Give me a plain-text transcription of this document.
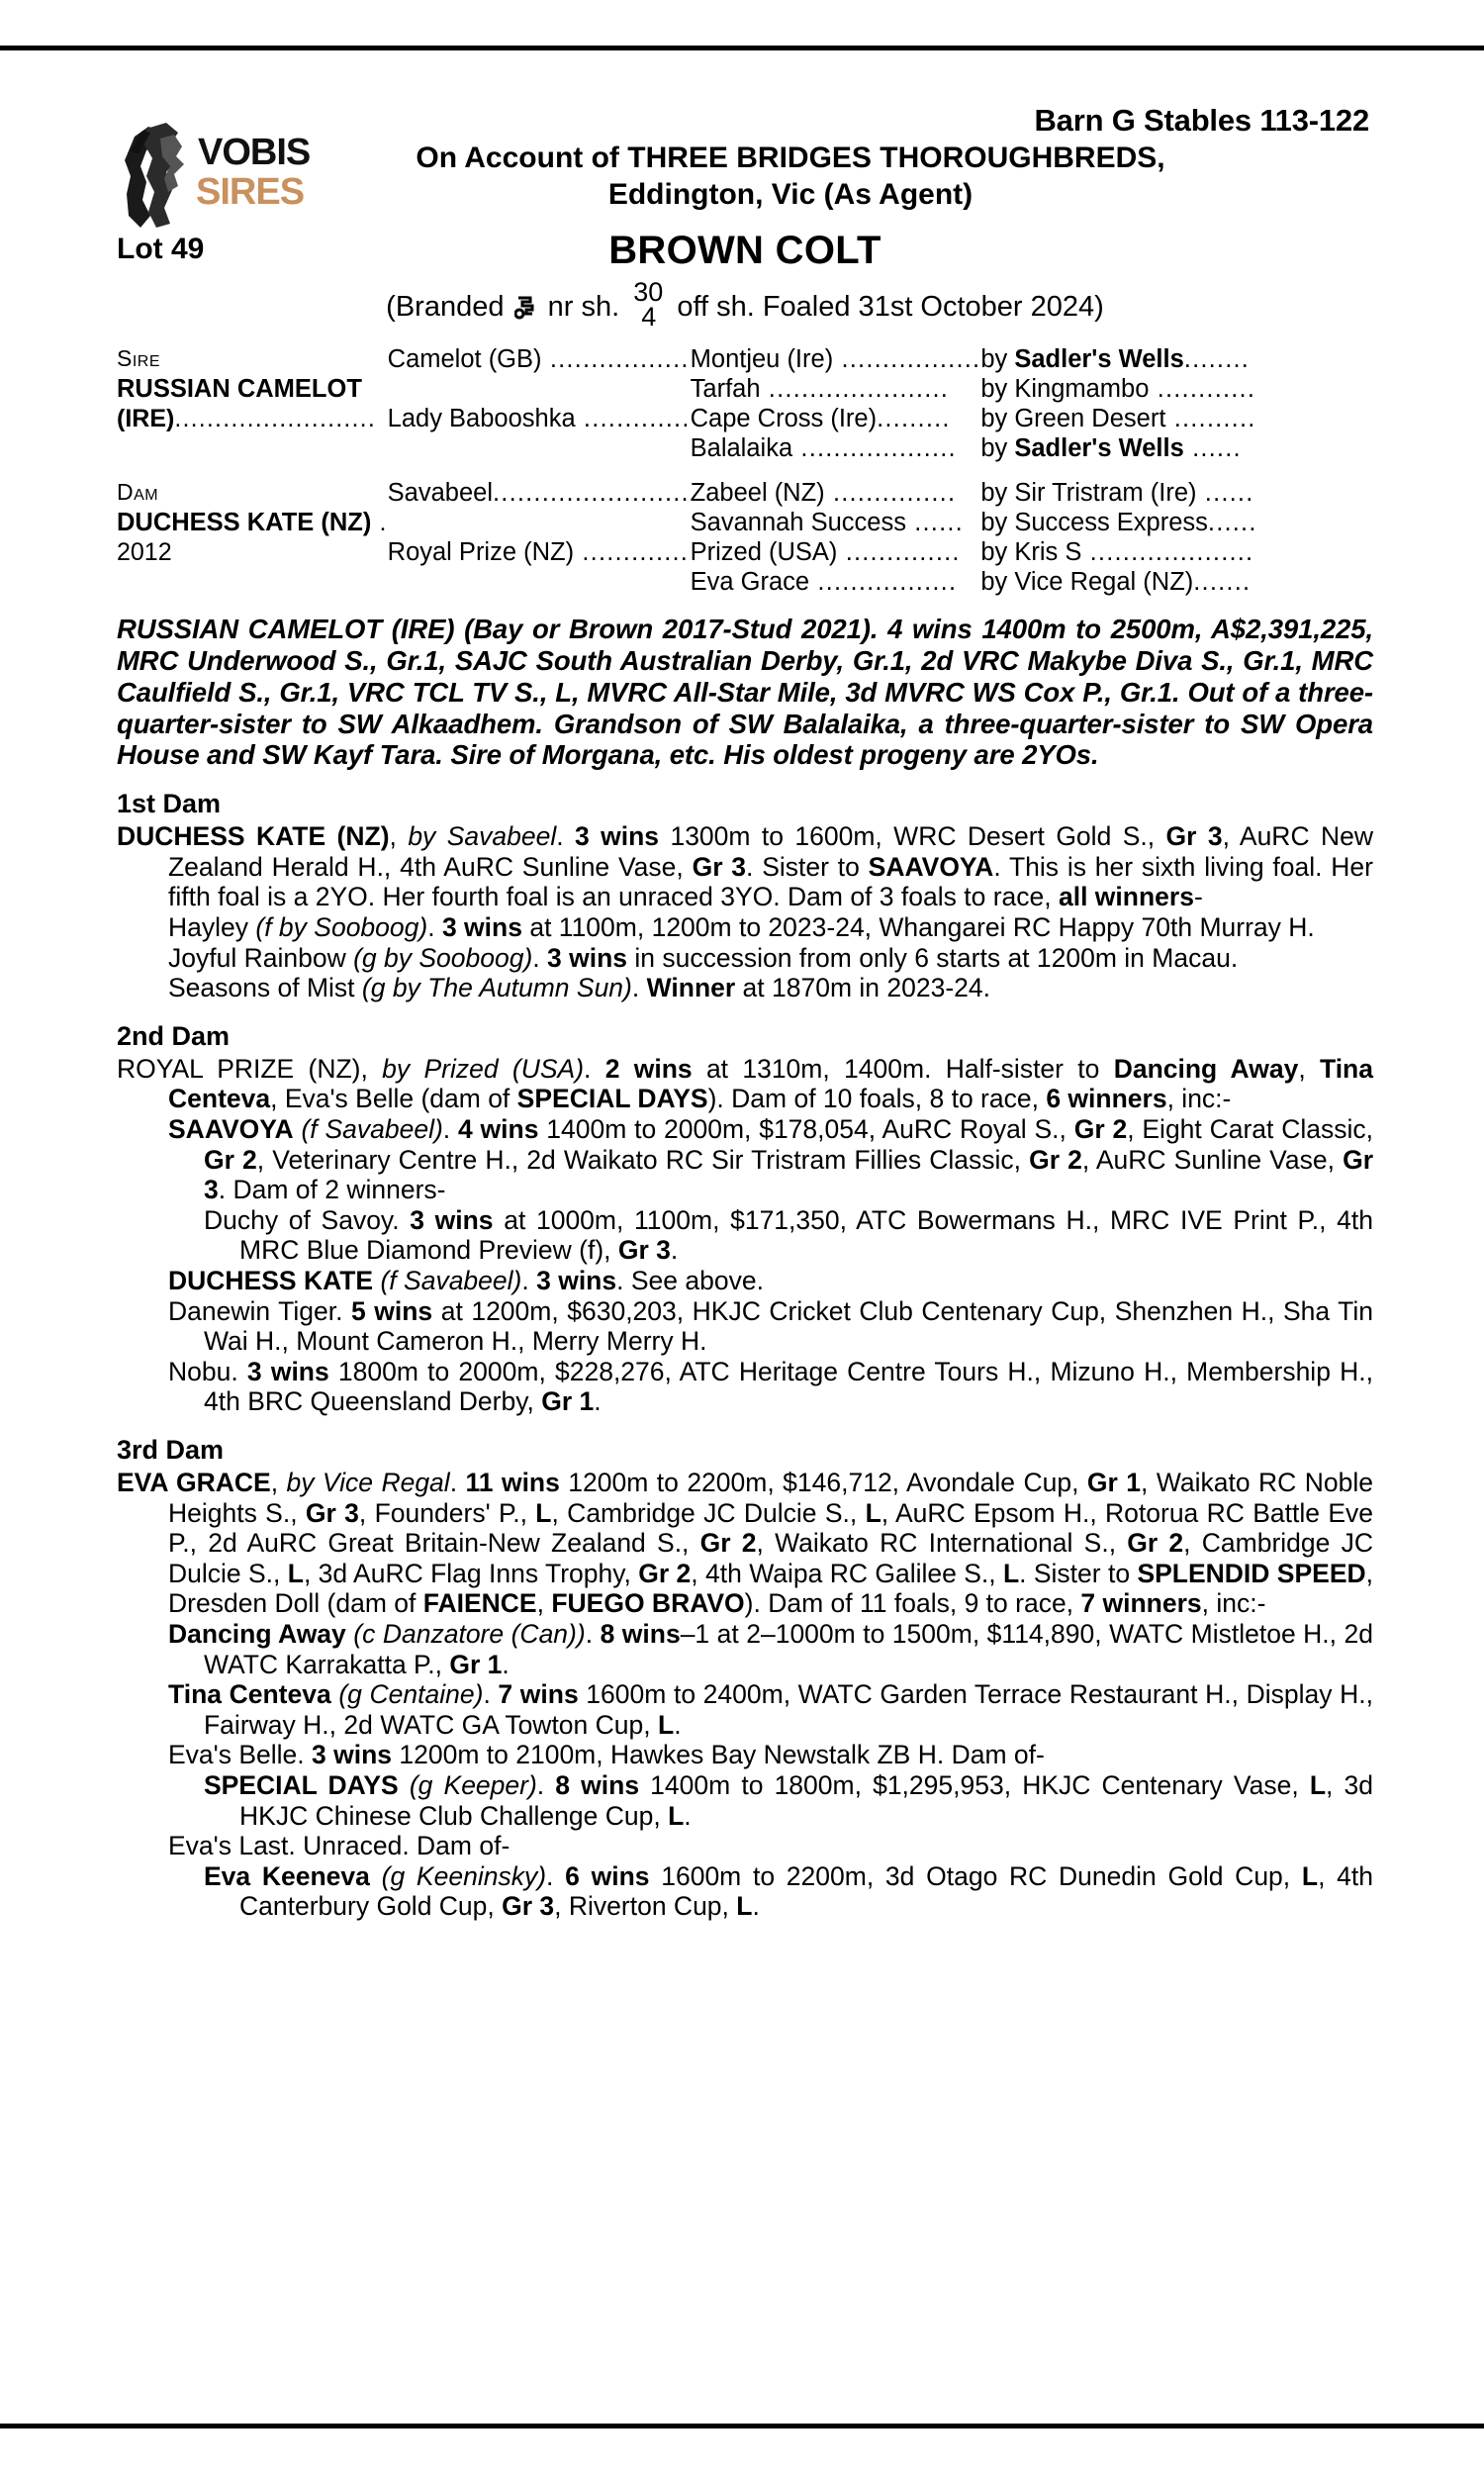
VOBIS
SIRES
Barn G Stables 113-122
On Account of THREE BRIDGES THOROUGHBREDS,
Eddington, Vic (As Agent)
Lot 49	BROWN COLT
(Branded nr sh. 30
4 off sh. Foaled 31st October 2024)
Sire	Camelot (GB) .................	Montjeu (Ire) .................	by Sadler's Wells........
RUSSIAN CAMELOT		Tarfah ......................	by Kingmambo ............
(IRE).........................	Lady Babooshka .............	Cape Cross (Ire).........	by Green Desert ..........
		Balalaika ...................	by Sadler's Wells ......

Dam	Savabeel........................	Zabeel (NZ) ...............	by Sir Tristram (Ire) ......
DUCHESS KATE (NZ) .		Savannah Success ......	by Success Express......
2012	Royal Prize (NZ) .............	Prized (USA) ..............	by Kris S ....................
		Eva Grace .................	by Vice Regal (NZ).......
RUSSIAN CAMELOT (IRE) (Bay or Brown 2017-Stud 2021). 4 wins 1400m to 2500m, A$2,391,225, MRC Underwood S., Gr.1, SAJC South Australian Derby, Gr.1, 2d VRC Makybe Diva S., Gr.1, MRC Caulfield S., Gr.1, VRC TCL TV S., L, MVRC All-Star Mile, 3d MVRC WS Cox P., Gr.1. Out of a three-quarter-sister to SW Alkaadhem. Grandson of SW Balalaika, a three-quarter-sister to SW Opera House and SW Kayf Tara. Sire of Morgana, etc. His oldest progeny are 2YOs.
1st Dam
DUCHESS KATE (NZ), by Savabeel. 3 wins 1300m to 1600m, WRC Desert Gold S., Gr 3, AuRC New Zealand Herald H., 4th AuRC Sunline Vase, Gr 3. Sister to SAAVOYA. This is her sixth living foal. Her fifth foal is a 2YO. Her fourth foal is an unraced 3YO. Dam of 3 foals to race, all winners-
Hayley (f by Sooboog). 3 wins at 1100m, 1200m to 2023-24, Whangarei RC Happy 70th Murray H.
Joyful Rainbow (g by Sooboog). 3 wins in succession from only 6 starts at 1200m in Macau.
Seasons of Mist (g by The Autumn Sun). Winner at 1870m in 2023-24.
2nd Dam
ROYAL PRIZE (NZ), by Prized (USA). 2 wins at 1310m, 1400m. Half-sister to Dancing Away, Tina Centeva, Eva's Belle (dam of SPECIAL DAYS). Dam of 10 foals, 8 to race, 6 winners, inc:-
SAAVOYA (f Savabeel). 4 wins 1400m to 2000m, $178,054, AuRC Royal S., Gr 2, Eight Carat Classic, Gr 2, Veterinary Centre H., 2d Waikato RC Sir Tristram Fillies Classic, Gr 2, AuRC Sunline Vase, Gr 3. Dam of 2 winners-
Duchy of Savoy. 3 wins at 1000m, 1100m, $171,350, ATC Bowermans H., MRC IVE Print P., 4th MRC Blue Diamond Preview (f), Gr 3.
DUCHESS KATE (f Savabeel). 3 wins. See above.
Danewin Tiger. 5 wins at 1200m, $630,203, HKJC Cricket Club Centenary Cup, Shenzhen H., Sha Tin Wai H., Mount Cameron H., Merry Merry H.
Nobu. 3 wins 1800m to 2000m, $228,276, ATC Heritage Centre Tours H., Mizuno H., Membership H., 4th BRC Queensland Derby, Gr 1.
3rd Dam
EVA GRACE, by Vice Regal. 11 wins 1200m to 2200m, $146,712, Avondale Cup, Gr 1, Waikato RC Noble Heights S., Gr 3, Founders' P., L, Cambridge JC Dulcie S., L, AuRC Epsom H., Rotorua RC Battle Eve P., 2d AuRC Great Britain-New Zealand S., Gr 2, Waikato RC International S., Gr 2, Cambridge JC Dulcie S., L, 3d AuRC Flag Inns Trophy, Gr 2, 4th Waipa RC Galilee S., L. Sister to SPLENDID SPEED, Dresden Doll (dam of FAIENCE, FUEGO BRAVO). Dam of 11 foals, 9 to race, 7 winners, inc:-
Dancing Away (c Danzatore (Can)). 8 wins–1 at 2–1000m to 1500m, $114,890, WATC Mistletoe H., 2d WATC Karrakatta P., Gr 1.
Tina Centeva (g Centaine). 7 wins 1600m to 2400m, WATC Garden Terrace Restaurant H., Display H., Fairway H., 2d WATC GA Towton Cup, L.
Eva's Belle. 3 wins 1200m to 2100m, Hawkes Bay Newstalk ZB H. Dam of-
SPECIAL DAYS (g Keeper). 8 wins 1400m to 1800m, $1,295,953, HKJC Centenary Vase, L, 3d HKJC Chinese Club Challenge Cup, L.
Eva's Last. Unraced. Dam of-
Eva Keeneva (g Keeninsky). 6 wins 1600m to 2200m, 3d Otago RC Dunedin Gold Cup, L, 4th Canterbury Gold Cup, Gr 3, Riverton Cup, L.
